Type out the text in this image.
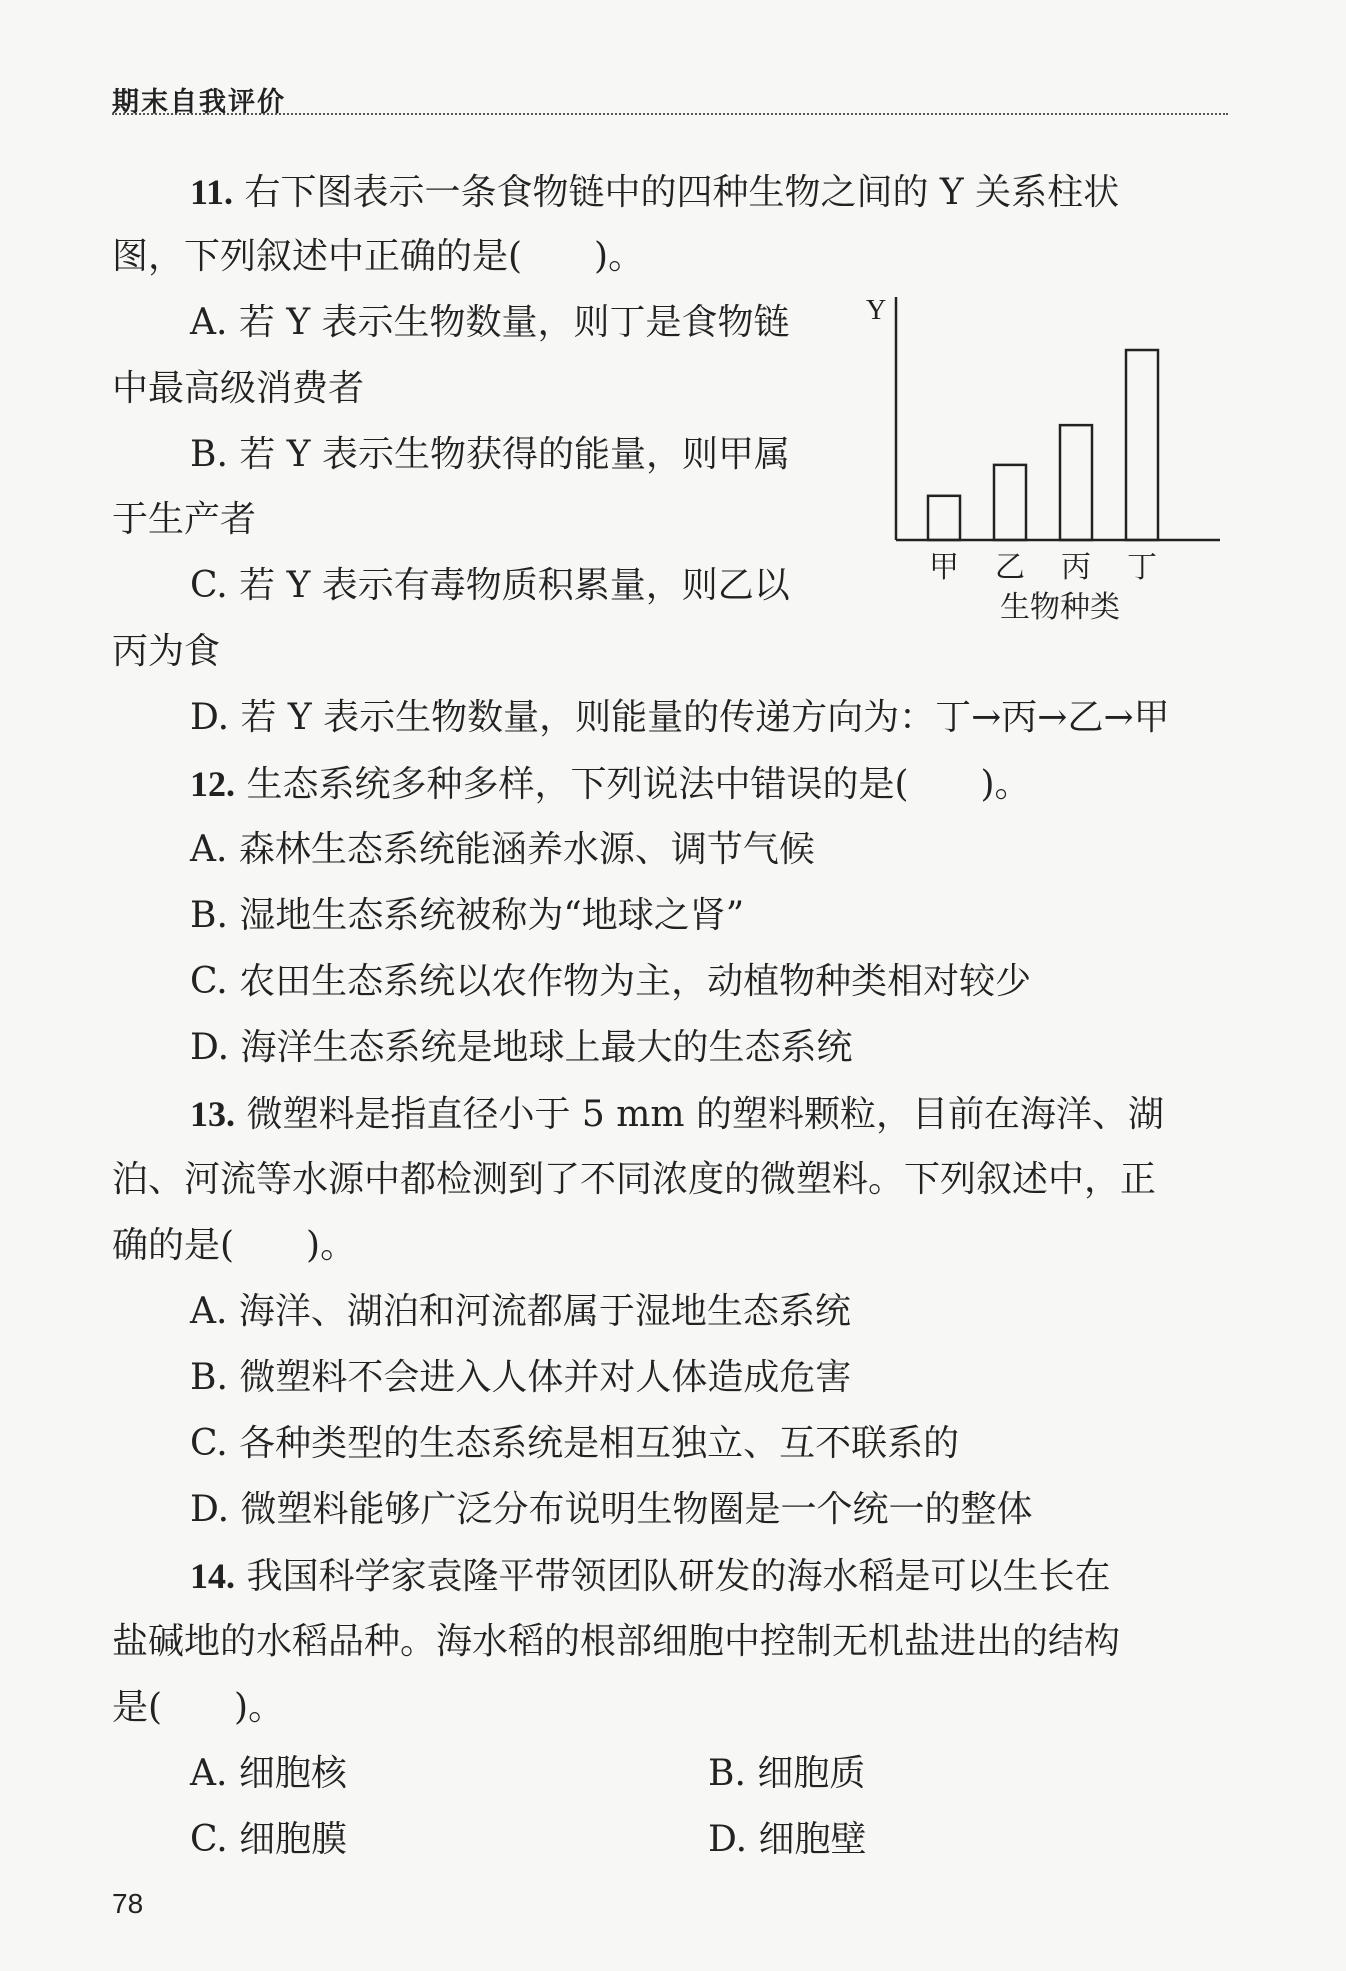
期末自我评价
11. 右下图表示一条食物链中的四种生物之间的 Y 关系柱状
图，下列叙述中正确的是(　　)。
A. 若 Y 表示生物数量，则丁是食物链
中最高级消费者
B. 若 Y 表示生物获得的能量，则甲属
于生产者
C. 若 Y 表示有毒物质积累量，则乙以
丙为食
D. 若 Y 表示生物数量，则能量的传递方向为：丁→丙→乙→甲
Y
甲 乙 丙 丁
生物种类
12. 生态系统多种多样，下列说法中错误的是(　　)。
A. 森林生态系统能涵养水源、调节气候
B. 湿地生态系统被称为“地球之肾”
C. 农田生态系统以农作物为主，动植物种类相对较少
D. 海洋生态系统是地球上最大的生态系统
13. 微塑料是指直径小于 5 mm 的塑料颗粒，目前在海洋、湖
泊、河流等水源中都检测到了不同浓度的微塑料。下列叙述中，正
确的是(　　)。
A. 海洋、湖泊和河流都属于湿地生态系统
B. 微塑料不会进入人体并对人体造成危害
C. 各种类型的生态系统是相互独立、互不联系的
D. 微塑料能够广泛分布说明生物圈是一个统一的整体
14. 我国科学家袁隆平带领团队研发的海水稻是可以生长在
盐碱地的水稻品种。海水稻的根部细胞中控制无机盐进出的结构
是(　　)。
A. 细胞核	B. 细胞质
C. 细胞膜	D. 细胞壁
78
